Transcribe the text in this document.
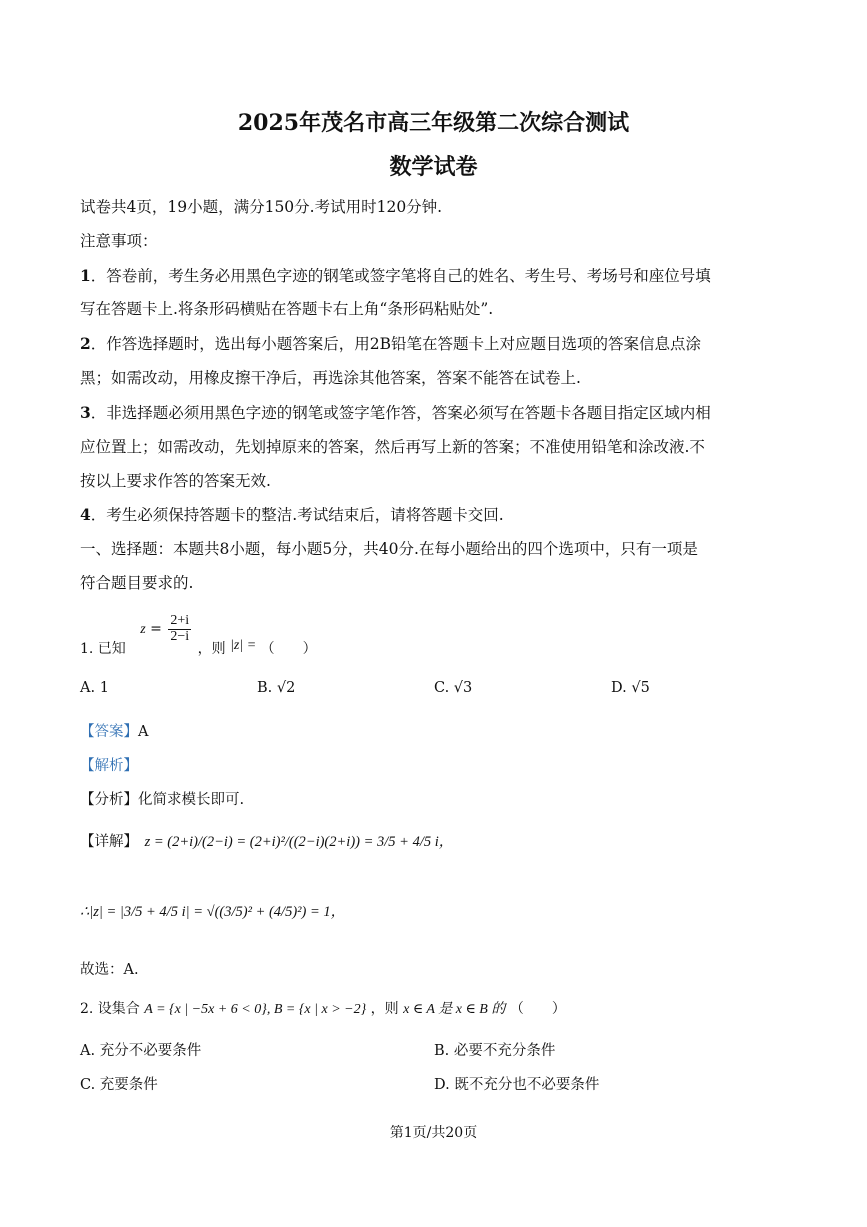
2025年茂名市高三年级第二次综合测试
数学试卷
试卷共4页，19小题，满分150分.考试用时120分钟.
注意事项：
1．答卷前，考生务必用黑色字迹的钢笔或签字笔将自己的姓名、考生号、考场号和座位号填
写在答题卡上.将条形码横贴在答题卡右上角“条形码粘贴处”.
2．作答选择题时，选出每小题答案后，用2B铅笔在答题卡上对应题目选项的答案信息点涂
黑；如需改动，用橡皮擦干净后，再选涂其他答案，答案不能答在试卷上.
3．非选择题必须用黑色字迹的钢笔或签字笔作答，答案必须写在答题卡各题目指定区域内相
应位置上；如需改动，先划掉原来的答案，然后再写上新的答案；不准使用铅笔和涂改液.不
按以上要求作答的答案无效.
4．考生必须保持答题卡的整洁.考试结束后，请将答题卡交回.
一、选择题：本题共8小题，每小题5分，共40分.在每小题给出的四个选项中，只有一项是
符合题目要求的.
1. 已知 $z = \frac{2+i}{2-i}$
，则 |z| = （　　）
A. 1	B. √2	C. √3	D. √5
【答案】A
【解析】
【分析】化简求模长即可.
【详解】 z = (2+i)/(2−i) = (2+i)²/((2−i)(2+i)) = 3/5 + 4/5 i，
∴|z| = |3/5 + 4/5 i| = √((3/5)² + (4/5)²) = 1，
故选：A.
2. 设集合 A = {x | −5x + 6 < 0}, B = {x | x > −2} ，则 x ∈ A 是 x ∈ B 的 （　　）
A. 充分不必要条件	B. 必要不充分条件
C. 充要条件	D. 既不充分也不必要条件
第1页/共20页
